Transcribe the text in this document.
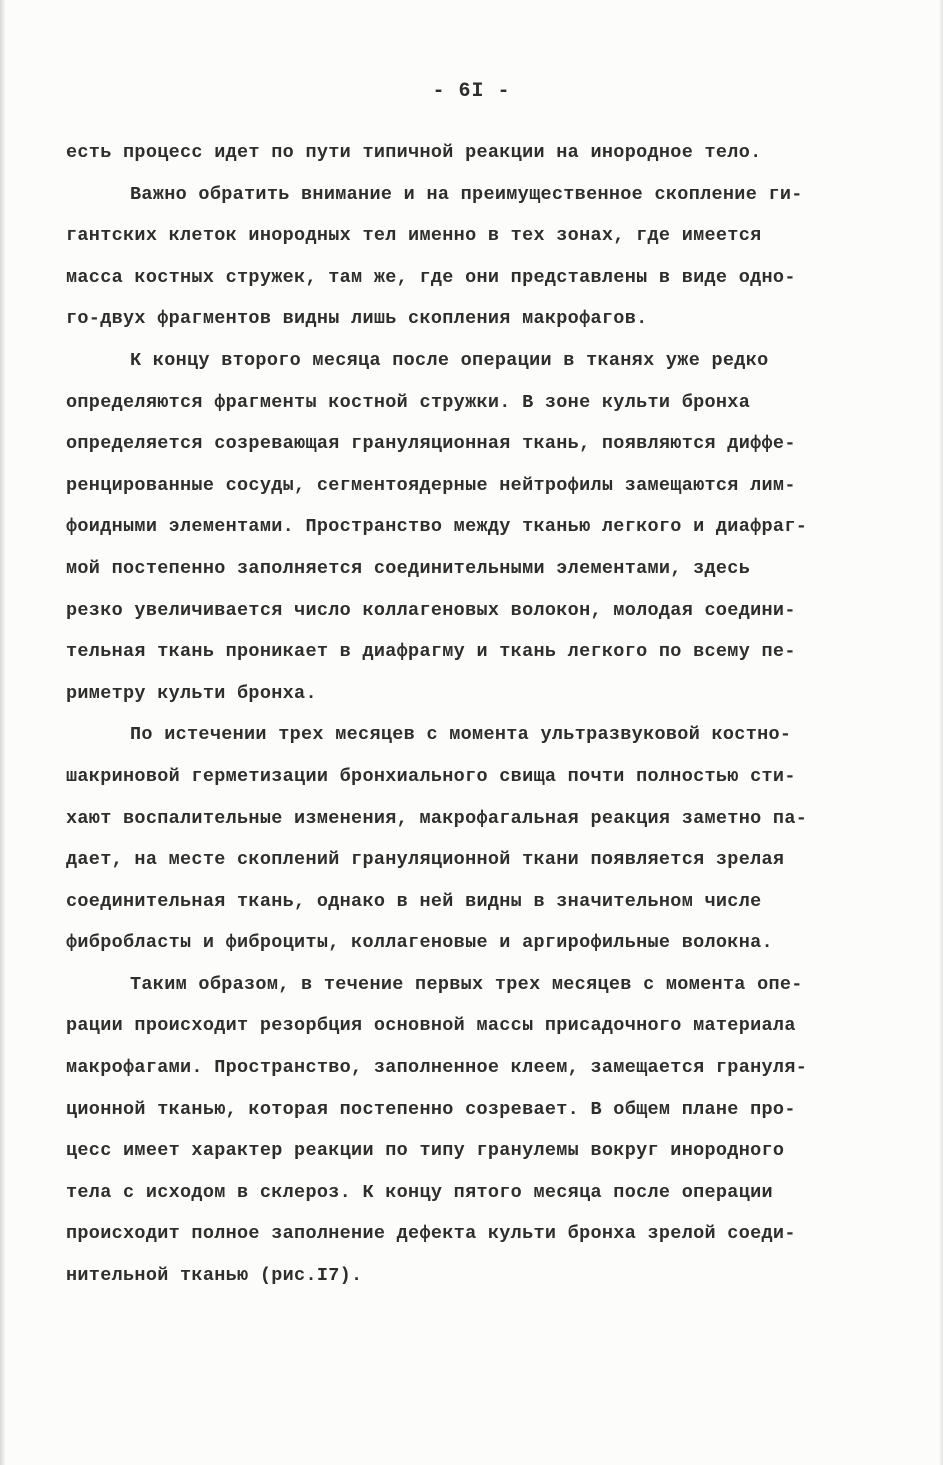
- 6I -
есть процесс идет по пути типичной реакции на инородное тело.
Важно обратить внимание и на преимущественное скопление ги-
гантских клеток инородных тел именно в тех зонах, где имеется
масса костных стружек, там же, где они представлены в виде одно-
го-двух фрагментов видны лишь скопления макрофагов.
К концу второго месяца после операции в тканях уже редко
определяются фрагменты костной стружки. В зоне культи бронха
определяется созревающая грануляционная ткань, появляются диффе-
ренцированные сосуды, сегментоядерные нейтрофилы замещаются лим-
фоидными элементами. Пространство между тканью легкого и диафраг-
мой постепенно заполняется соединительными элементами, здесь
резко увеличивается число коллагеновых волокон, молодая соедини-
тельная ткань проникает в диафрагму и ткань легкого по всему пе-
риметру культи бронха.
По истечении трех месяцев с момента ультразвуковой костно-
шакриновой герметизации бронхиального свища почти полностью сти-
хают воспалительные изменения, макрофагальная реакция заметно па-
дает, на месте скоплений грануляционной ткани появляется зрелая
соединительная ткань, однако в ней видны в значительном числе
фибробласты и фиброциты, коллагеновые и аргирофильные волокна.
Таким образом, в течение первых трех месяцев с момента опе-
рации происходит резорбция основной массы присадочного материала
макрофагами. Пространство, заполненное клеем, замещается грануля-
ционной тканью, которая постепенно созревает. В общем плане про-
цесс имеет характер реакции по типу гранулемы вокруг инородного
тела с исходом в склероз. К концу пятого месяца после операции
происходит полное заполнение дефекта культи бронха зрелой соеди-
нительной тканью (рис.I7).
